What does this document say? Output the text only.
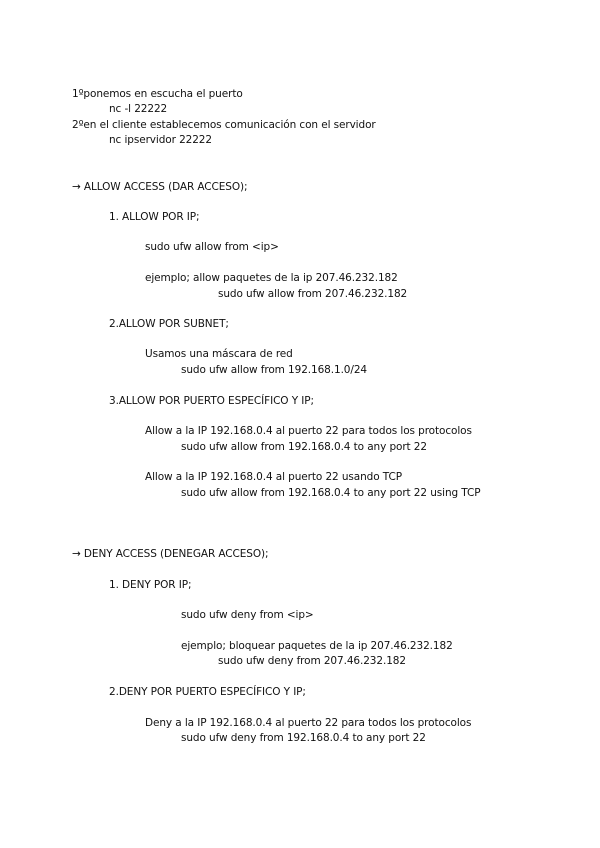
1ºponemos en escucha el puerto
nc -l 22222
2ºen el cliente establecemos comunicación con el servidor
nc ipservidor 22222
→ ALLOW ACCESS (DAR ACCESO);
1. ALLOW POR IP;
sudo ufw allow from <ip>
ejemplo; allow paquetes de la ip 207.46.232.182
sudo ufw allow from 207.46.232.182
2.ALLOW POR SUBNET;
Usamos una máscara de red
sudo ufw allow from 192.168.1.0/24
3.ALLOW POR PUERTO ESPECÍFICO Y IP;
Allow a la IP 192.168.0.4 al puerto 22 para todos los protocolos
sudo ufw allow from 192.168.0.4 to any port 22
Allow a la IP 192.168.0.4 al puerto 22 usando TCP
sudo ufw allow from 192.168.0.4 to any port 22 using TCP
→ DENY ACCESS (DENEGAR ACCESO);
1. DENY POR IP;
sudo ufw deny from <ip>
ejemplo; bloquear paquetes de la ip 207.46.232.182
sudo ufw deny from 207.46.232.182
2.DENY POR PUERTO ESPECÍFICO Y IP;
Deny a la IP 192.168.0.4 al puerto 22 para todos los protocolos
sudo ufw deny from 192.168.0.4 to any port 22
